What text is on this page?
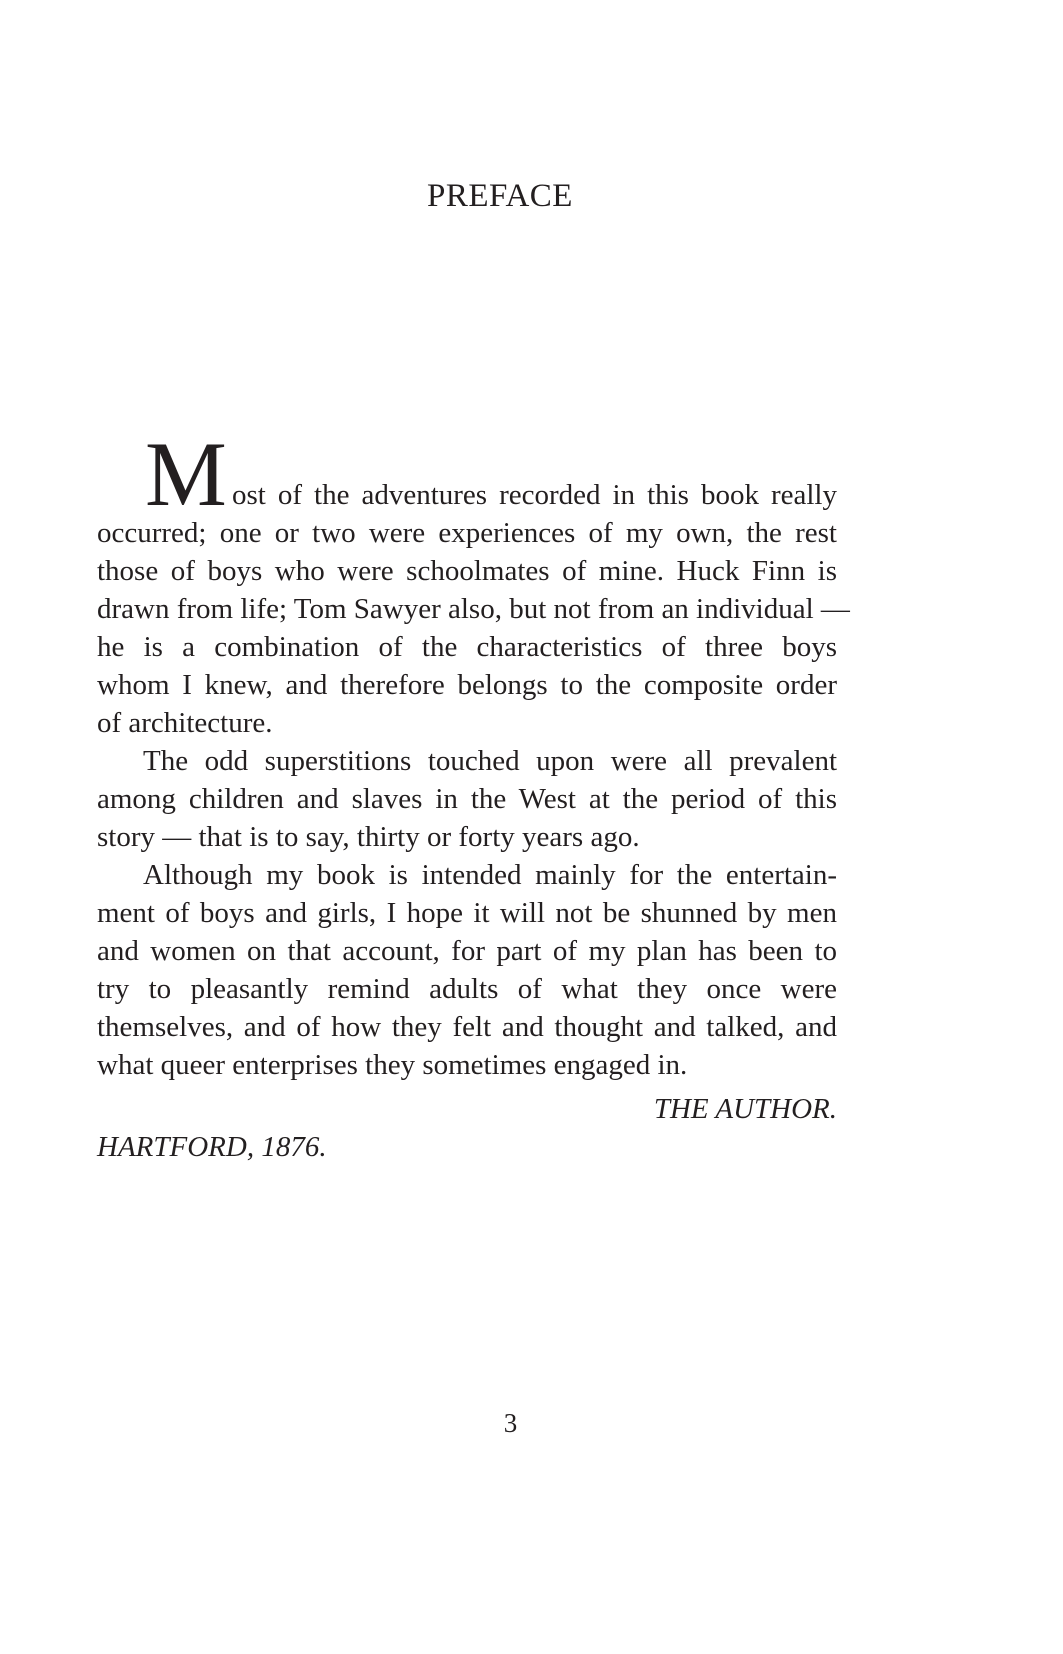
PREFACE
M ost of the adventures recorded in this book really
occurred; one or two were experiences of my own, the rest
those of boys who were schoolmates of mine. Huck Finn is
drawn from life; Tom Sawyer also, but not from an individual —
he is a combination of the characteristics of three boys
whom I knew, and therefore belongs to the composite order
of architecture.
The odd superstitions touched upon were all prevalent
among children and slaves in the West at the period of this
story — that is to say, thirty or forty years ago.
Although my book is intended mainly for the entertain-
ment of boys and girls, I hope it will not be shunned by men
and women on that account, for part of my plan has been to
try to pleasantly remind adults of what they once were
themselves, and of how they felt and thought and talked, and
what queer enterprises they sometimes engaged in.
THE AUTHOR.
HARTFORD, 1876.
3
